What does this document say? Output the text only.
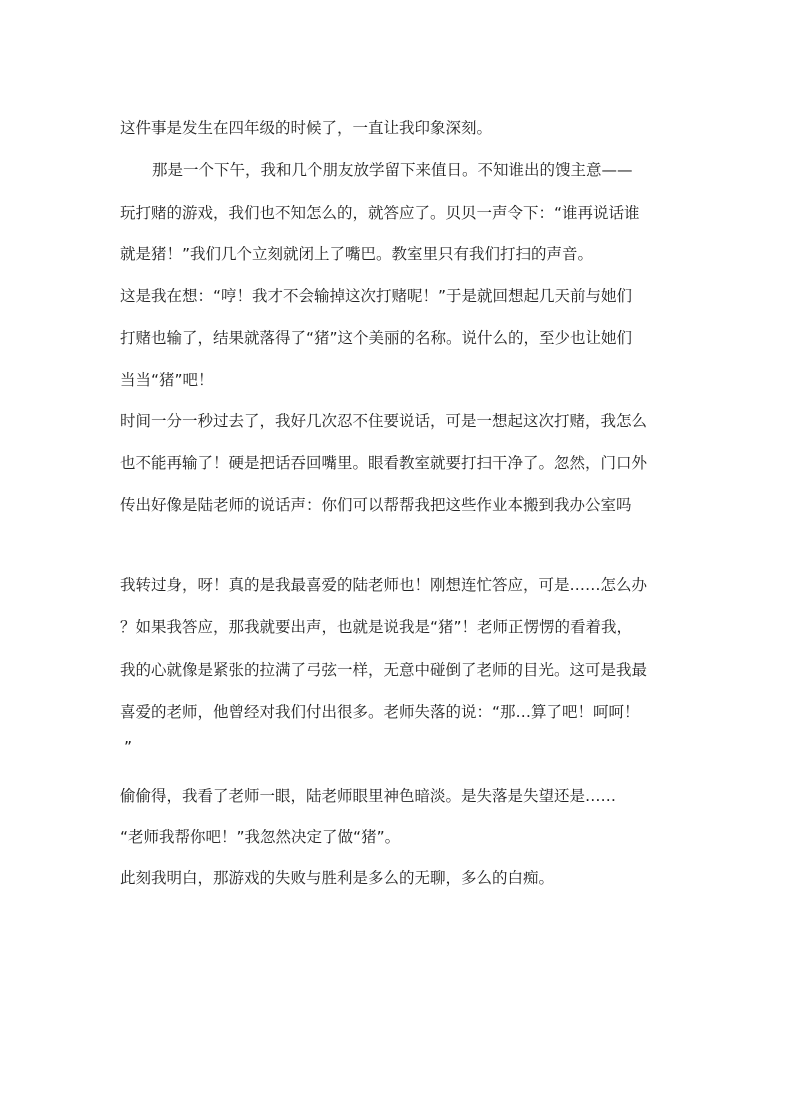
这件事是发生在四年级的时候了，一直让我印象深刻。
那是一个下午，我和几个朋友放学留下来值日。不知谁出的馊主意——
玩打赌的游戏，我们也不知怎么的，就答应了。贝贝一声令下：“谁再说话谁
就是猪！”我们几个立刻就闭上了嘴巴。教室里只有我们打扫的声音。
这是我在想：“哼！我才不会输掉这次打赌呢！”于是就回想起几天前与她们
打赌也输了，结果就落得了“猪”这个美丽的名称。说什么的，至少也让她们
当当“猪”吧！
时间一分一秒过去了，我好几次忍不住要说话，可是一想起这次打赌，我怎么
也不能再输了！硬是把话吞回嘴里。眼看教室就要打扫干净了。忽然，门口外
传出好像是陆老师的说话声：你们可以帮帮我把这些作业本搬到我办公室吗
我转过身，呀！真的是我最喜爱的陆老师也！刚想连忙答应，可是……怎么办
？如果我答应，那我就要出声，也就是说我是“猪”！老师正愣愣的看着我，
我的心就像是紧张的拉满了弓弦一样，无意中碰倒了老师的目光。这可是我最
喜爱的老师，他曾经对我们付出很多。老师失落的说：“那…算了吧！呵呵！
”
偷偷得，我看了老师一眼，陆老师眼里神色暗淡。是失落是失望还是……
“老师我帮你吧！”我忽然决定了做“猪”。
此刻我明白，那游戏的失败与胜利是多么的无聊，多么的白痴。
